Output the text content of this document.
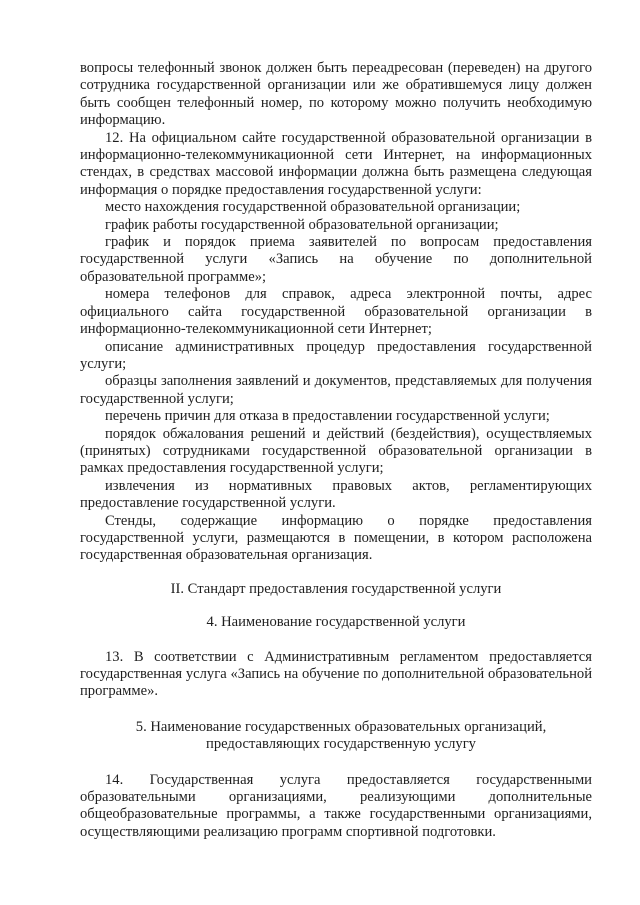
вопросы телефонный звонок должен быть переадресован (переведен) на другого сотрудника государственной организации или же обратившемуся лицу должен быть сообщен телефонный номер, по которому можно получить необходимую информацию.

12. На официальном сайте государственной образовательной организации в информационно-телекоммуникационной сети Интернет, на информационных стендах, в средствах массовой информации должна быть размещена следующая информация о порядке предоставления государственной услуги:

место нахождения государственной образовательной организации;

график работы государственной образовательной организации;

график и порядок приема заявителей по вопросам предоставления государственной услуги «Запись на обучение по дополнительной образовательной программе»;

номера телефонов для справок, адреса электронной почты, адрес официального сайта государственной образовательной организации в информационно-телекоммуникационной сети Интернет;

описание административных процедур предоставления государственной услуги;

образцы заполнения заявлений и документов, представляемых для получения государственной услуги;

перечень причин для отказа в предоставлении государственной услуги;

порядок обжалования решений и действий (бездействия), осуществляемых (принятых) сотрудниками государственной образовательной организации в рамках предоставления государственной услуги;

извлечения из нормативных правовых актов, регламентирующих предоставление государственной услуги.

Стенды, содержащие информацию о порядке предоставления государственной услуги, размещаются в помещении, в котором расположена государственная образовательная организация.

II. Стандарт предоставления государственной услуги
4. Наименование государственной услуги

13. В соответствии с Административным регламентом предоставляется государственная услуга «Запись на обучение по дополнительной образовательной программе».

5. Наименование государственных образовательных организаций,
предоставляющих государственную услугу

14. Государственная услуга предоставляется государственными образовательными организациями, реализующими дополнительные общеобразовательные программы, а также государственными организациями, осуществляющими реализацию программ спортивной подготовки.
